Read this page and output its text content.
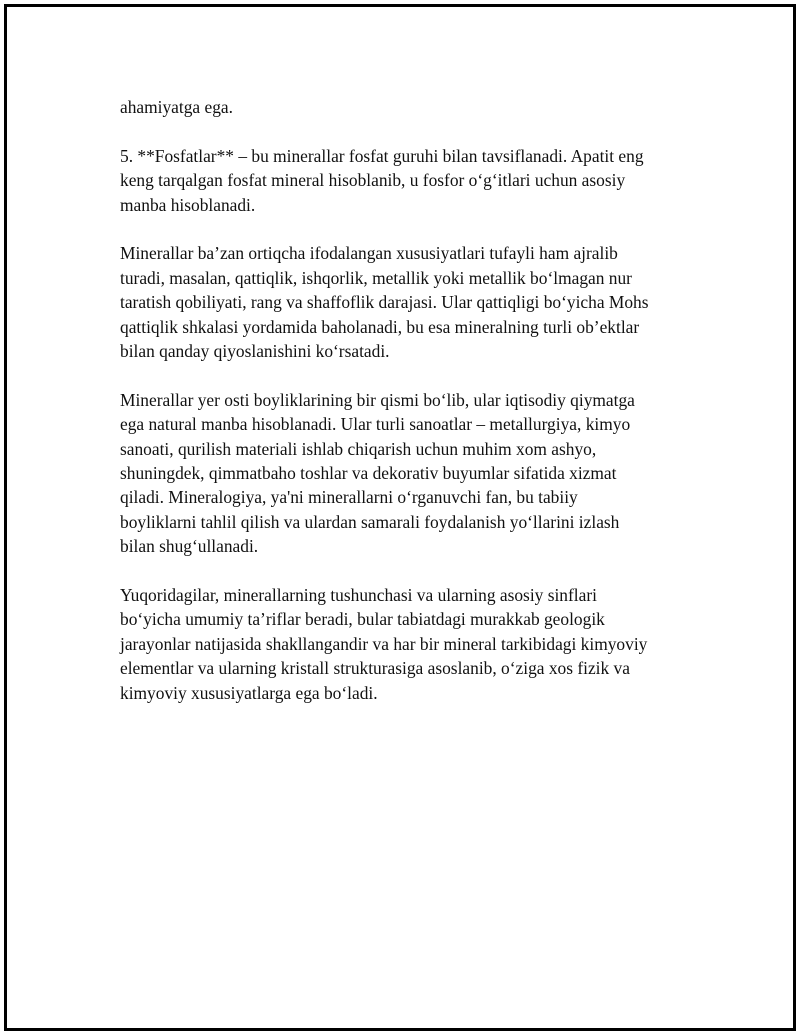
ahamiyatga ega.

5. **Fosfatlar** – bu minerallar fosfat guruhi bilan tavsiflanadi. Apatit eng
keng tarqalgan fosfat mineral hisoblanib, u fosfor o‘g‘itlari uchun asosiy
manba hisoblanadi.

Minerallar ba’zan ortiqcha ifodalangan xususiyatlari tufayli ham ajralib
turadi, masalan, qattiqlik, ishqorlik, metallik yoki metallik bo‘lmagan nur
taratish qobiliyati, rang va shaffoflik darajasi. Ular qattiqligi bo‘yicha Mohs
qattiqlik shkalasi yordamida baholanadi, bu esa mineralning turli ob’ektlar
bilan qanday qiyoslanishini ko‘rsatadi.

Minerallar yer osti boyliklarining bir qismi bo‘lib, ular iqtisodiy qiymatga
ega natural manba hisoblanadi. Ular turli sanoatlar – metallurgiya, kimyo
sanoati, qurilish materiali ishlab chiqarish uchun muhim xom ashyo,
shuningdek, qimmatbaho toshlar va dekorativ buyumlar sifatida xizmat
qiladi. Mineralogiya, ya'ni minerallarni o‘rganuvchi fan, bu tabiiy
boyliklarni tahlil qilish va ulardan samarali foydalanish yo‘llarini izlash
bilan shug‘ullanadi.

Yuqoridagilar, minerallarning tushunchasi va ularning asosiy sinflari
bo‘yicha umumiy ta’riflar beradi, bular tabiatdagi murakkab geologik
jarayonlar natijasida shakllangandir va har bir mineral tarkibidagi kimyoviy
elementlar va ularning kristall strukturasiga asoslanib, o‘ziga xos fizik va
kimyoviy xususiyatlarga ega bo‘ladi.
